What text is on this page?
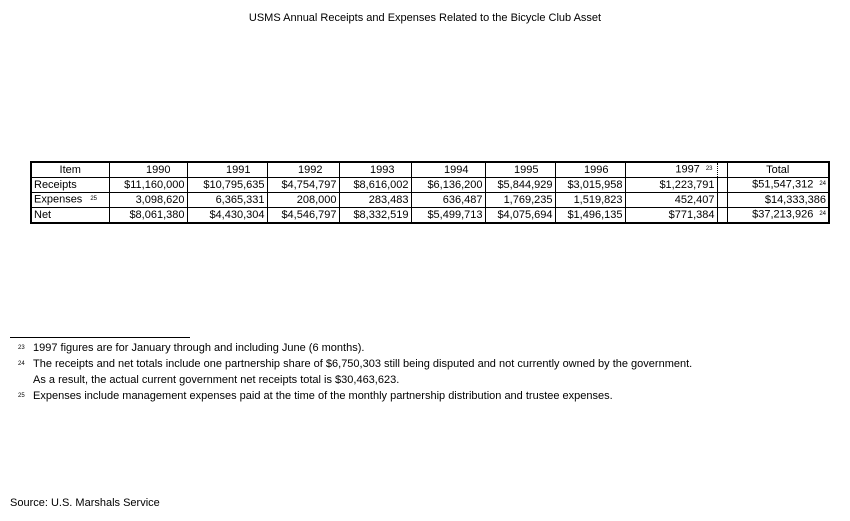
USMS Annual Receipts and Expenses Related to the Bicycle Club Asset
Item	1990	1991	1992	1993	1994	1995	1996	1997 23		Total
Receipts	$11,160,000	$10,795,635	$4,754,797	$8,616,002	$6,136,200	$5,844,929	$3,015,958	$1,223,791		$51,547,312 24
Expenses 25	3,098,620	6,365,331	208,000	283,483	636,487	1,769,235	1,519,823	452,407		$14,333,386
Net	$8,061,380	$4,430,304	$4,546,797	$8,332,519	$5,499,713	$4,075,694	$1,496,135	$771,384		$37,213,926 24
23 1997 figures are for January through and including June (6 months).
24 The receipts and net totals include one partnership share of $6,750,303 still being disputed and not currently owned by the government.
As a result, the actual current government net receipts total is $30,463,623.
25 Expenses include management expenses paid at the time of the monthly partnership distribution and trustee expenses.
Source: U.S. Marshals Service
